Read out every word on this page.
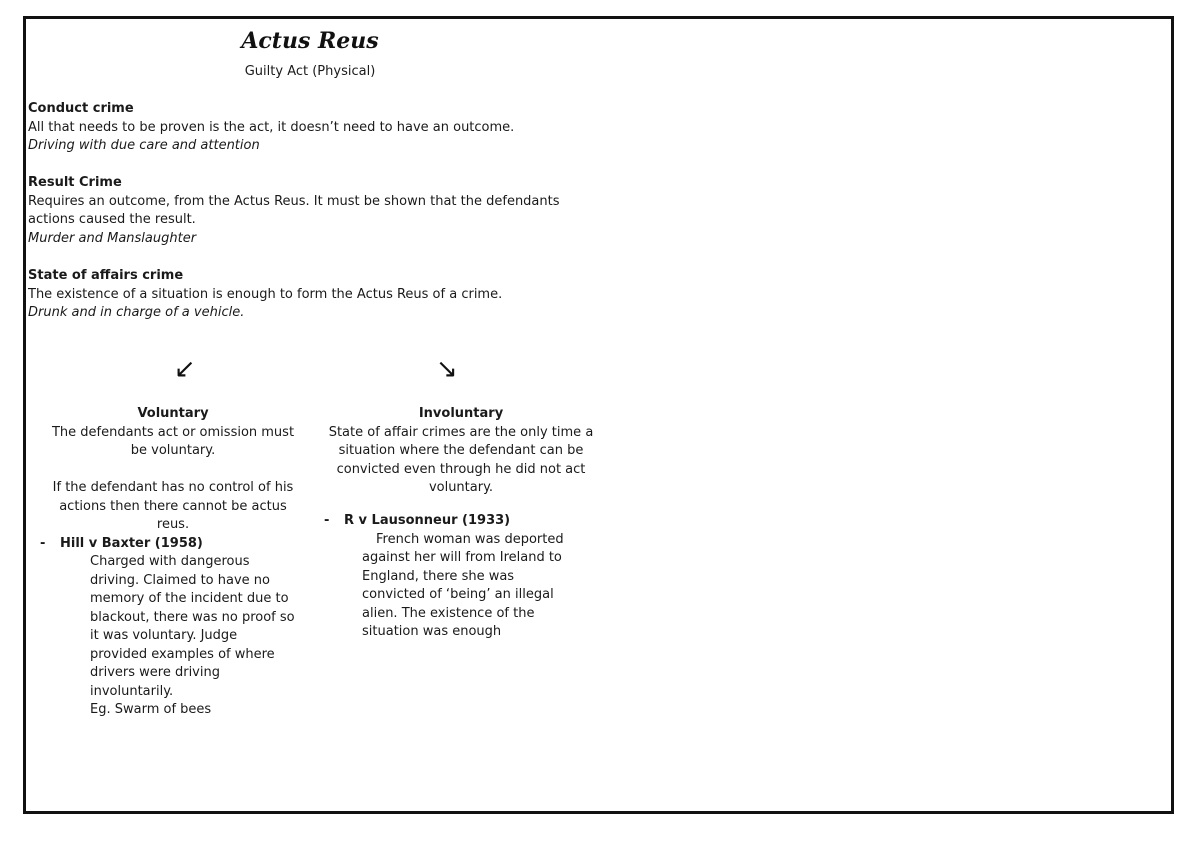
Actus Reus
Guilty Act (Physical)
Conduct crime
All that needs to be proven is the act, it doesn’t need to have an outcome.
Driving with due care and attention
Result Crime
Requires an outcome, from the Actus Reus. It must be shown that the defendants
actions caused the result.
Murder and Manslaughter
State of affairs crime
The existence of a situation is enough to form the Actus Reus of a crime.
Drunk and in charge of a vehicle.
↙	↘
Voluntary
The defendants act or omission must
be voluntary.
If the defendant has no control of his
actions then there cannot be actus
reus.
-	Hill v Baxter (1958)
Charged with dangerous
driving. Claimed to have no
memory of the incident due to
blackout, there was no proof so
it was voluntary. Judge
provided examples of where
drivers were driving
involuntarily.
Eg. Swarm of bees
Involuntary
State of affair crimes are the only time a
situation where the defendant can be
convicted even through he did not act
voluntary.
-	R v Lausonneur (1933)
French woman was deported
against her will from Ireland to
England, there she was
convicted of ‘being’ an illegal
alien. The existence of the
situation was enough
